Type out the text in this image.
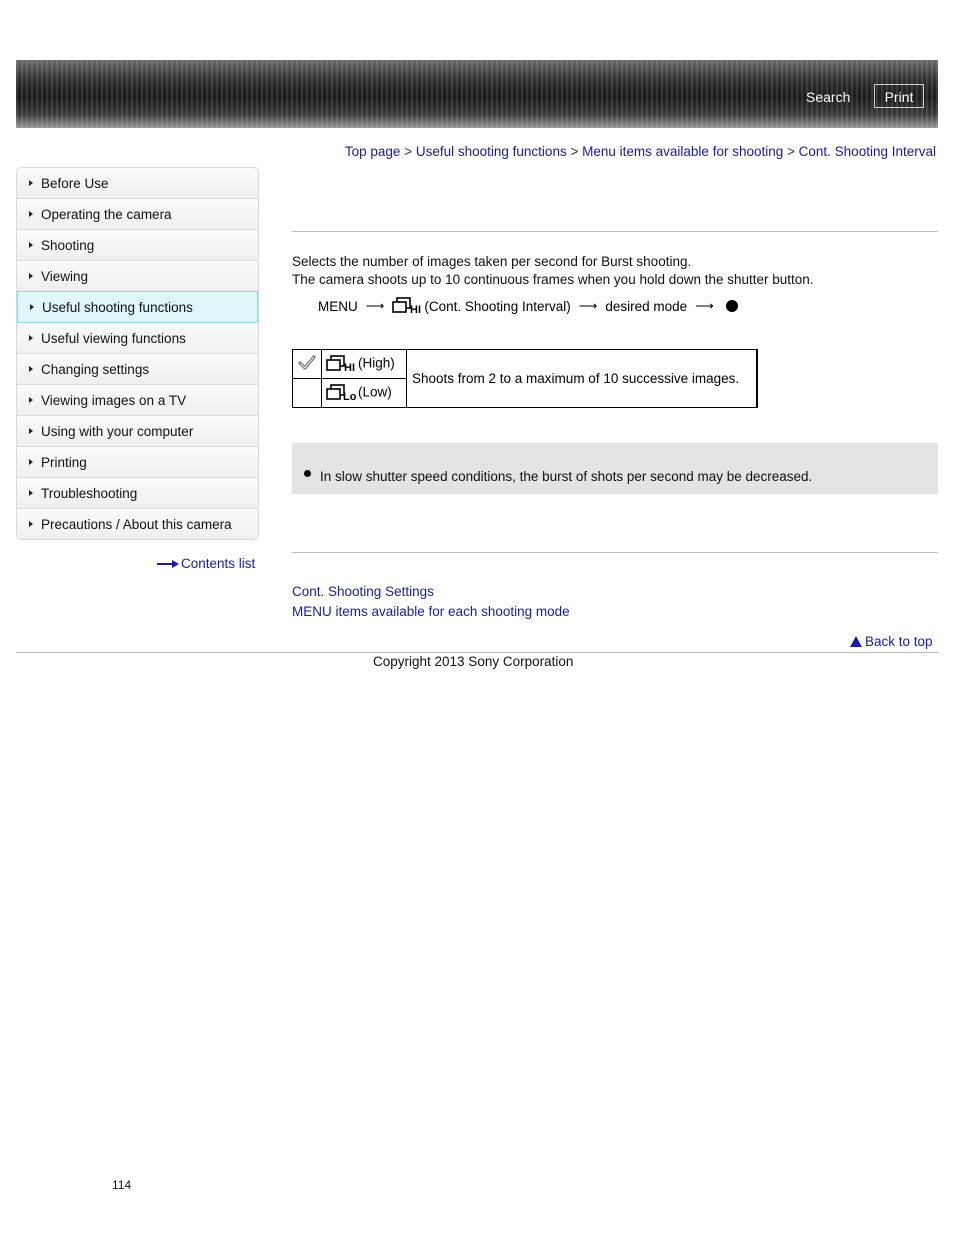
Search	Print
Top page > Useful shooting functions > Menu items available for shooting > Cont. Shooting Interval
Before Use
Operating the camera
Shooting
Viewing
Useful shooting functions
Useful viewing functions
Changing settings
Viewing images on a TV
Using with your computer
Printing
Troubleshooting
Precautions / About this camera
Contents list
Selects the number of images taken per second for Burst shooting.
The camera shoots up to 10 continuous frames when you hold down the shutter button.
MENU ⟶ HI (Cont. Shooting Interval) ⟶ desired mode ⟶

HI (High)	Shoots from 2 to a maximum of 10 successive images.

Lo (Low)	
In slow shutter speed conditions, the burst of shots per second may be decreased.
Cont. Shooting Settings
MENU items available for each shooting mode
Back to top
Copyright 2013 Sony Corporation
114
